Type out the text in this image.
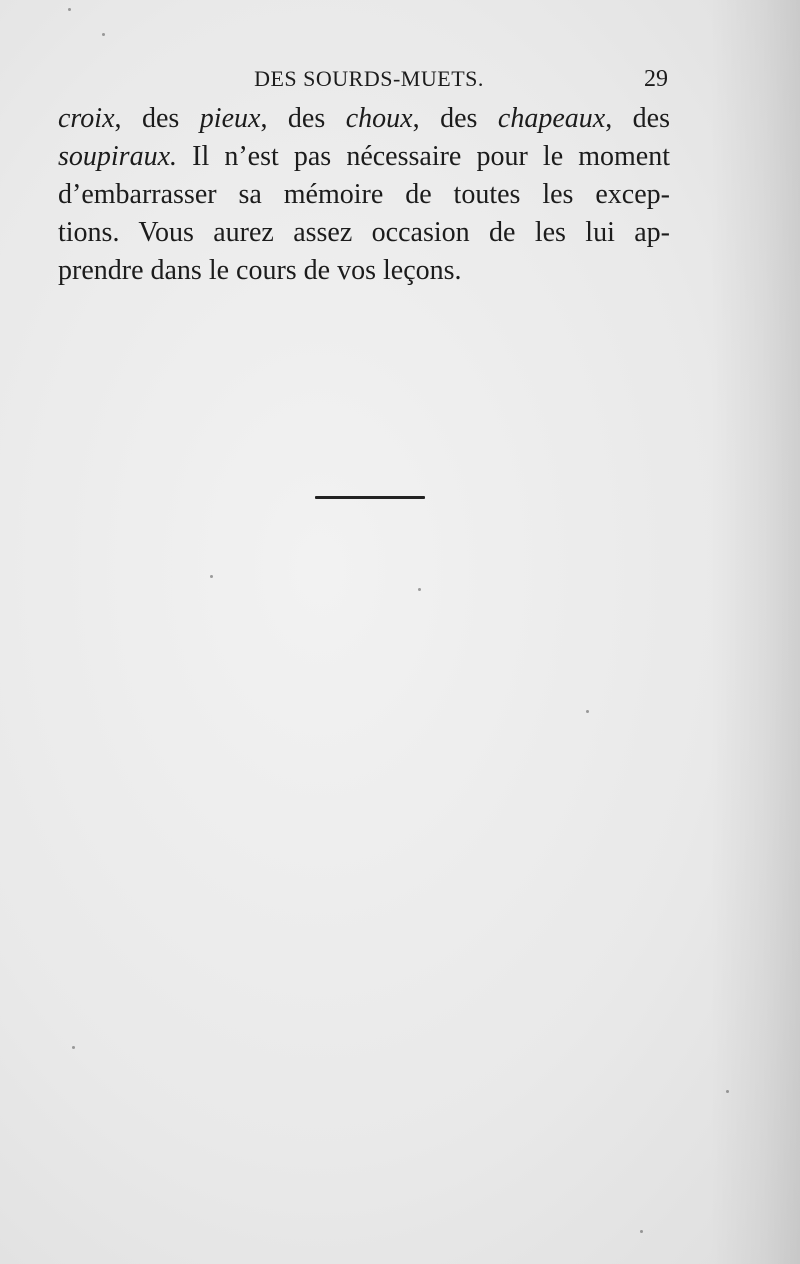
DES SOURDS-MUETS.	29
croix, des pieux, des choux, des chapeaux, des
soupiraux. Il n’est pas nécessaire pour le moment
d’embarrasser sa mémoire de toutes les excep-
tions. Vous aurez assez occasion de les lui ap-
prendre dans le cours de vos leçons.
